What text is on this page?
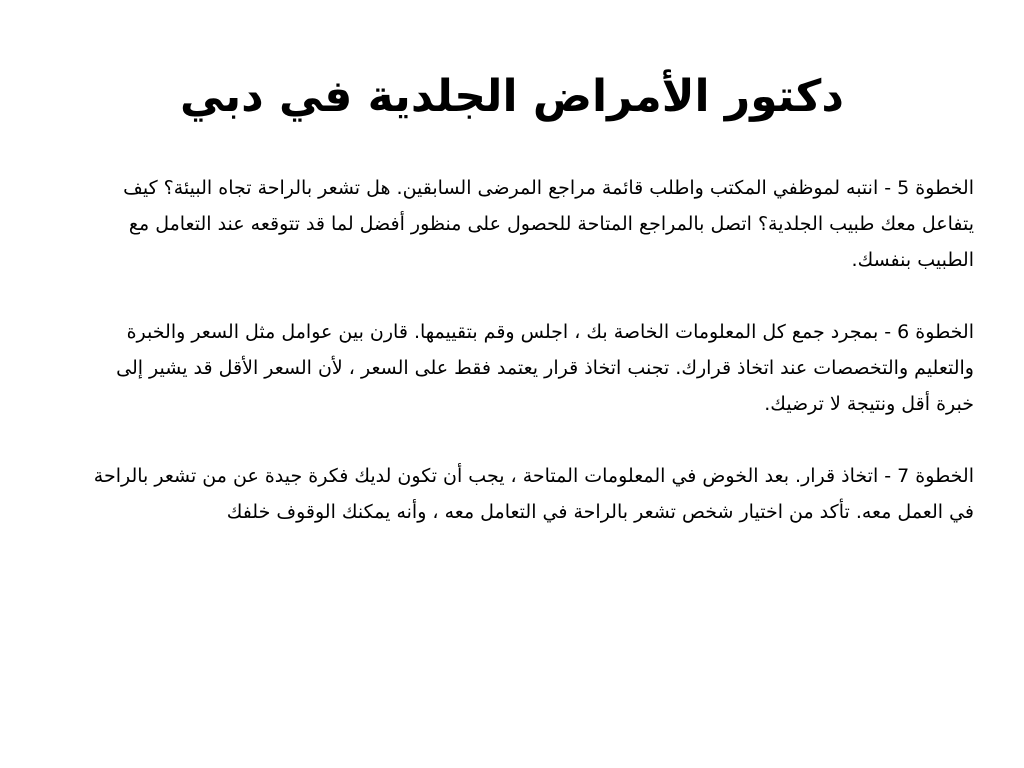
دكتور الأمراض الجلدية في دبي

الخطوة 5 - انتبه لموظفي المكتب واطلب قائمة مراجع المرضى السابقين. هل تشعر بالراحة تجاه البيئة؟ كيف يتفاعل معك طبيب الجلدية؟ اتصل بالمراجع المتاحة للحصول على منظور أفضل لما قد تتوقعه عند التعامل مع الطبيب بنفسك.

الخطوة 6 - بمجرد جمع كل المعلومات الخاصة بك ، اجلس وقم بتقييمها. قارن بين عوامل مثل السعر والخبرة والتعليم والتخصصات عند اتخاذ قرارك. تجنب اتخاذ قرار يعتمد فقط على السعر ، لأن السعر الأقل قد يشير إلى خبرة أقل ونتيجة لا ترضيك.

الخطوة 7 - اتخاذ قرار. بعد الخوض في المعلومات المتاحة ، يجب أن تكون لديك فكرة جيدة عن من تشعر بالراحة في العمل معه. تأكد من اختيار شخص تشعر بالراحة في التعامل معه ، وأنه يمكنك الوقوف خلفك
